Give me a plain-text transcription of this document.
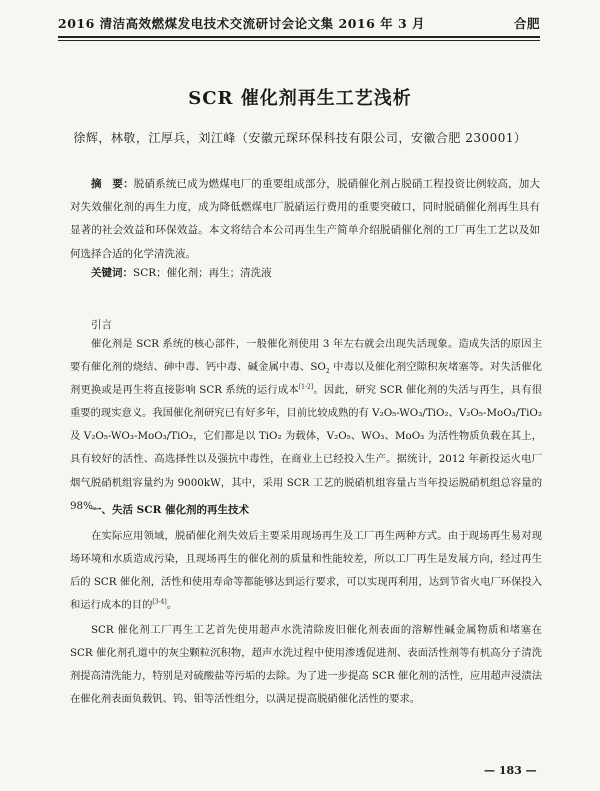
2016 清洁高效燃煤发电技术交流研讨会论文集 2016 年 3 月	合肥
SCR 催化剂再生工艺浅析
徐辉，林敬，江厚兵，刘江峰（安徽元琛环保科技有限公司，安徽合肥 230001）
摘　要：脱硝系统已成为燃煤电厂的重要组成部分，脱硝催化剂占脱硝工程投资比例较高，加大对失效催化剂的再生力度，成为降低燃煤电厂脱硝运行费用的重要突破口，同时脱硝催化剂再生具有显著的社会效益和环保效益。本文将结合本公司再生生产简单介绍脱硝催化剂的工厂再生工艺以及如何选择合适的化学清洗液。
关键词：SCR；催化剂；再生；清洗液
引言
催化剂是 SCR 系统的核心部件，一般催化剂使用 3 年左右就会出现失活现象。造成失活的原因主要有催化剂的烧结、砷中毒、钙中毒、碱金属中毒、$SO_2$ 中毒以及催化剂空隙积灰堵塞等。对失活催化剂更换或是再生将直接影响 SCR 系统的运行成本[1-2]。因此，研究 SCR 催化剂的失活与再生，具有很重要的现实意义。我国催化剂研究已有好多年，目前比较成熟的有 V₂O₅-WO₃/TiO₂、V₂O₅-MoO₃/TiO₂ 及 V₂O₅-WO₃-MoO₃/TiO₂，它们都是以 TiO₂ 为载体，V₂O₅、WO₃、MoO₃ 为活性物质负载在其上，具有较好的活性、高选择性以及强抗中毒性，在商业上已经投入生产。据统计，2012 年新投运火电厂烟气脱硝机组容量约为 9000kW，其中，采用 SCR 工艺的脱硝机组容量占当年投运脱硝机组总容量的 98%。
一、失活 SCR 催化剂的再生技术
在实际应用领域，脱硝催化剂失效后主要采用现场再生及工厂再生两种方式。由于现场再生易对现场环境和水质造成污染，且现场再生的催化剂的质量和性能较差，所以工厂再生是发展方向，经过再生后的 SCR 催化剂，活性和使用寿命等都能够达到运行要求，可以实现再利用，达到节省火电厂环保投入和运行成本的目的[3-4]。
SCR 催化剂工厂再生工艺首先使用超声水洗清除废旧催化剂表面的溶解性碱金属物质和堵塞在 SCR 催化剂孔道中的灰尘颗粒沉积物，超声水洗过程中使用渗透促进剂、表面活性剂等有机高分子清洗剂提高清洗能力，特别是对硫酸盐等污垢的去除。为了进一步提高 SCR 催化剂的活性，应用超声浸渍法在催化剂表面负载钒、钨、钼等活性组分，以满足提高脱硝催化活性的要求。
— 183 —
